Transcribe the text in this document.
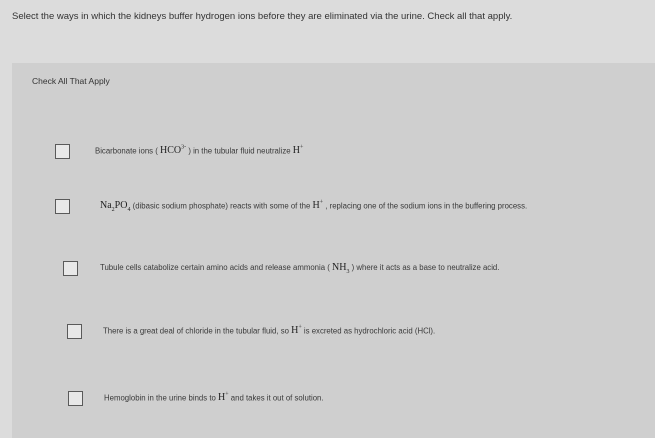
Select the ways in which the kidneys buffer hydrogen ions before they are eliminated via the urine. Check all that apply.
Check All That Apply
Bicarbonate ions ( $HCO^{3-}$ ) in the tubular fluid neutralize H+
$Na_2PO_4$ (dibasic sodium phosphate) reacts with some of the H+ , replacing one of the sodium ions in the buffering process.
Tubule cells catabolize certain amino acids and release ammonia ( $NH_3$ ) where it acts as a base to neutralize acid.
There is a great deal of chloride in the tubular fluid, so H+ is excreted as hydrochloric acid (HCl).
Hemoglobin in the urine binds to H+ and takes it out of solution.
